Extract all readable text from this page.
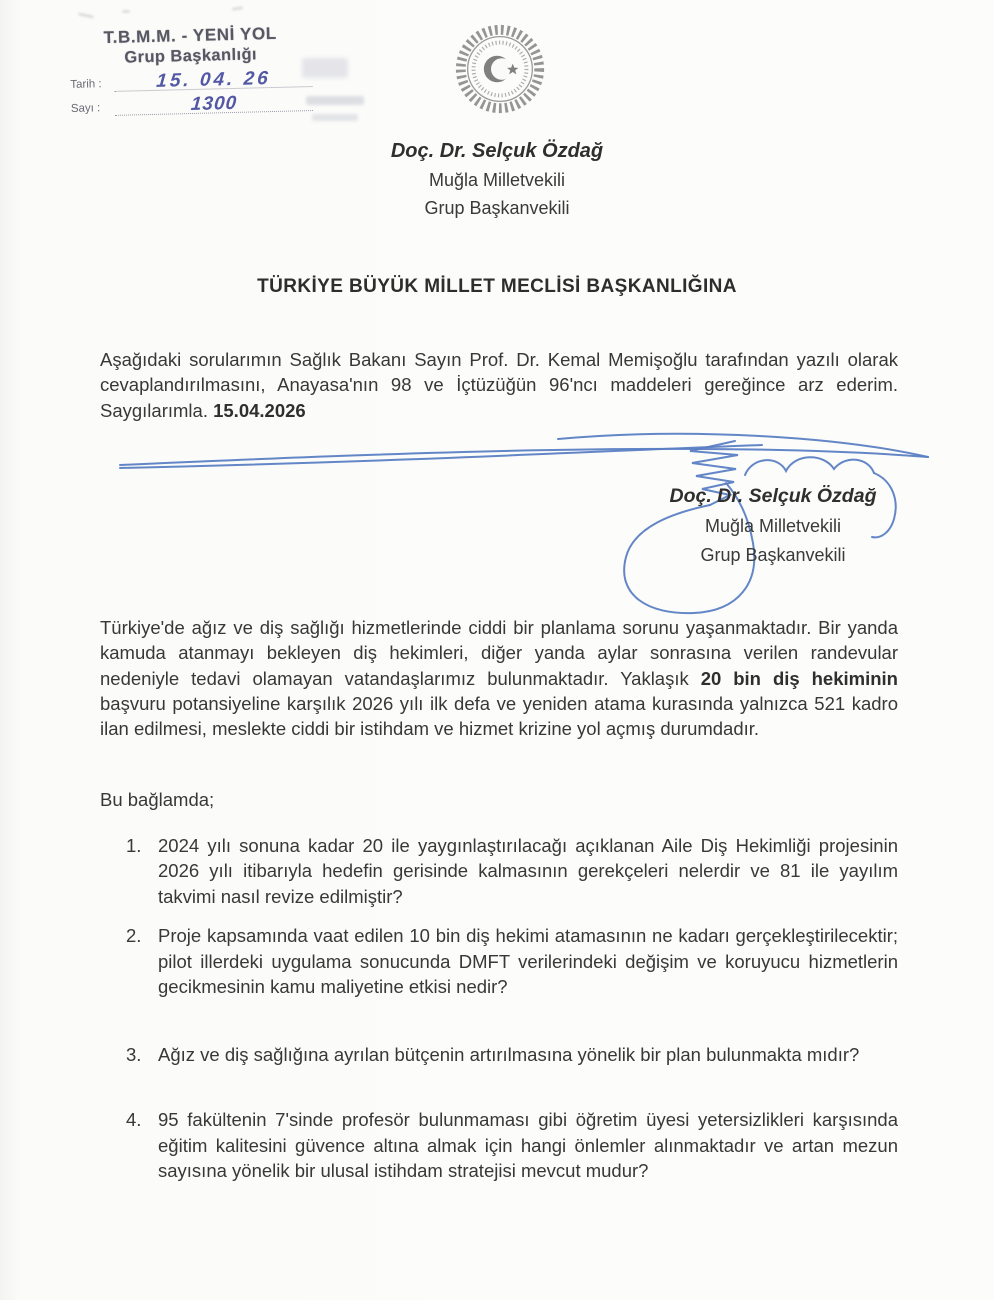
T.B.M.M. - YENİ YOL
Grup Başkanlığı
Tarih :	15. 04. 26
Sayı :	1300
Doç. Dr. Selçuk Özdağ
Muğla Milletvekili
Grup Başkanvekili
TÜRKİYE BÜYÜK MİLLET MECLİSİ BAŞKANLIĞINA

Aşağıdaki sorularımın Sağlık Bakanı Sayın Prof. Dr. Kemal Memişoğlu tarafından yazılı olarak cevaplandırılmasını, Anayasa'nın 98 ve İçtüzüğün 96'ncı maddeleri gereğince arz ederim. Saygılarımla. 15.04.2026

Doç. Dr. Selçuk Özdağ
Muğla Milletvekili
Grup Başkanvekili

Türkiye'de ağız ve diş sağlığı hizmetlerinde ciddi bir planlama sorunu yaşanmaktadır. Bir yanda kamuda atanmayı bekleyen diş hekimleri, diğer yanda aylar sonrasına verilen randevular nedeniyle tedavi olamayan vatandaşlarımız bulunmaktadır. Yaklaşık 20 bin diş hekiminin başvuru potansiyeline karşılık 2026 yılı ilk defa ve yeniden atama kurasında yalnızca 521 kadro ilan edilmesi, meslekte ciddi bir istihdam ve hizmet krizine yol açmış durumdadır.

Bu bağlamda;

1. 2024 yılı sonuna kadar 20 ile yaygınlaştırılacağı açıklanan Aile Diş Hekimliği projesinin 2026 yılı itibarıyla hedefin gerisinde kalmasının gerekçeleri nelerdir ve 81 ile yayılım takvimi nasıl revize edilmiştir?
2. Proje kapsamında vaat edilen 10 bin diş hekimi atamasının ne kadarı gerçekleştirilecektir; pilot illerdeki uygulama sonucunda DMFT verilerindeki değişim ve koruyucu hizmetlerin gecikmesinin kamu maliyetine etkisi nedir?
3. Ağız ve diş sağlığına ayrılan bütçenin artırılmasına yönelik bir plan bulunmakta mıdır?
4. 95 fakültenin 7'sinde profesör bulunmaması gibi öğretim üyesi yetersizlikleri karşısında eğitim kalitesini güvence altına almak için hangi önlemler alınmaktadır ve artan mezun sayısına yönelik bir ulusal istihdam stratejisi mevcut mudur?
